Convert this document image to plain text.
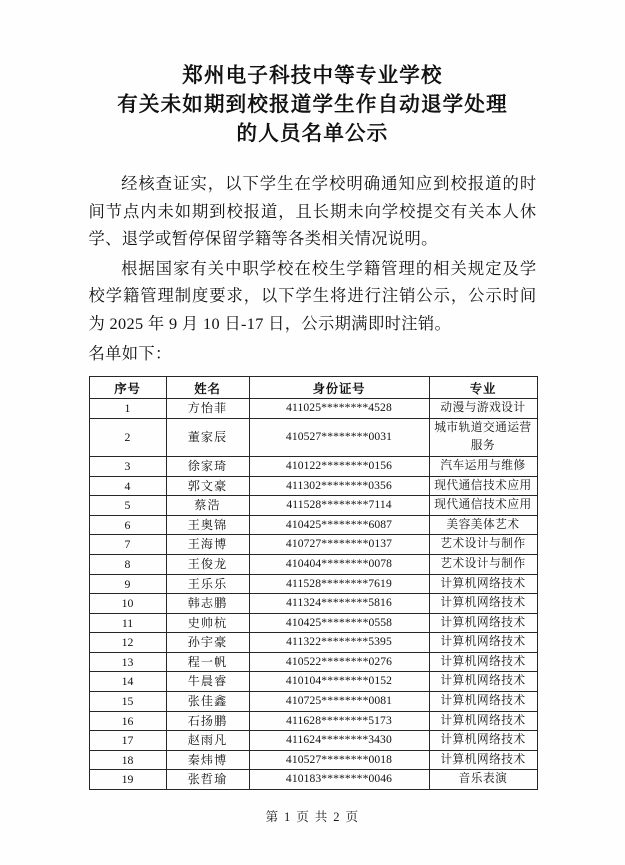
郑州电子科技中等专业学校
有关未如期到校报道学生作自动退学处理
的人员名单公示

经核查证实，以下学生在学校明确通知应到校报道的时间节点内未如期到校报道，且长期未向学校提交有关本人休学、退学或暂停保留学籍等各类相关情况说明。

根据国家有关中职学校在校生学籍管理的相关规定及学校学籍管理制度要求，以下学生将进行注销公示，公示时间为 2025 年 9 月 10 日-17 日，公示期满即时注销。

名单如下：

序号	姓名	身份证号	专业
1	方怡菲	411025********4528	动漫与游戏设计
2	董家辰	410527********0031	城市轨道交通运营服务
3	徐家琦	410122********0156	汽车运用与维修
4	郭文豪	411302********0356	现代通信技术应用
5	蔡浩	411528********7114	现代通信技术应用
6	王奥锦	410425********6087	美容美体艺术
7	王海博	410727********0137	艺术设计与制作
8	王俊龙	410404********0078	艺术设计与制作
9	王乐乐	411528********7619	计算机网络技术
10	韩志鹏	411324********5816	计算机网络技术
11	史帅杭	410425********0558	计算机网络技术
12	孙宇豪	411322********5395	计算机网络技术
13	程一帆	410522********0276	计算机网络技术
14	牛晨睿	410104********0152	计算机网络技术
15	张佳鑫	410725********0081	计算机网络技术
16	石扬鹏	411628********5173	计算机网络技术
17	赵雨凡	411624********3430	计算机网络技术
18	秦炜博	410527********0018	计算机网络技术
19	张哲瑜	410183********0046	音乐表演
第 1 页 共 2 页
